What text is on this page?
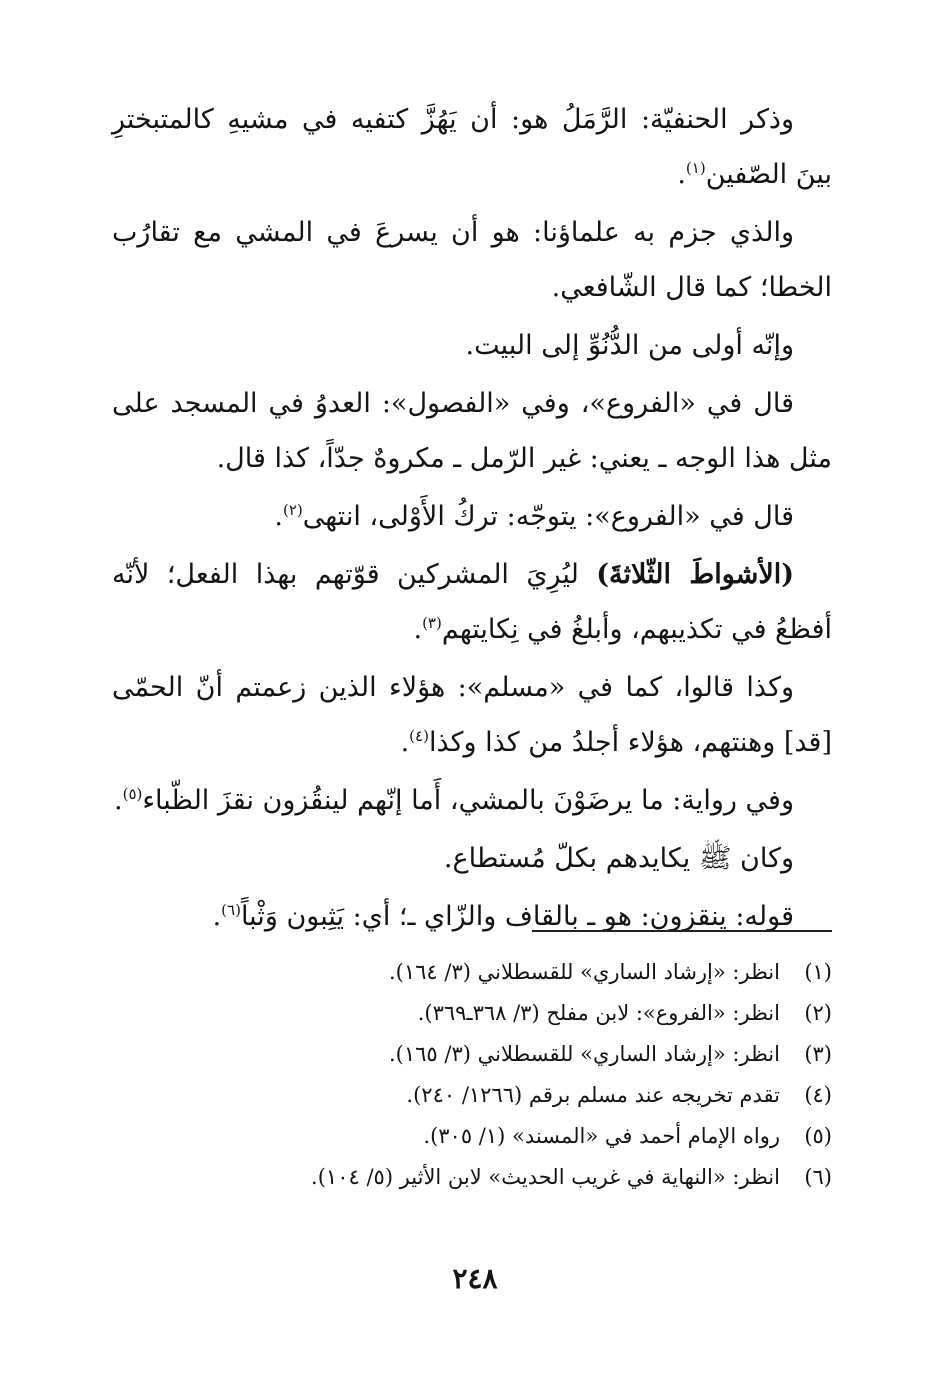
وذكر الحنفيّة: الرَّمَلُ هو: أن يَهُزَّ كتفيه في مشيهِ كالمتبخترِ بينَ الصّفين$^{(١)}$.

والذي جزم به علماؤنا: هو أن يسرعَ في المشي مع تقارُب الخطا؛ كما قال الشّافعي.

وإنّه أولى من الدُّنُوِّ إلى البيت.

قال في «الفروع»، وفي «الفصول»: العدوُ في المسجد على مثل هذا الوجه ـ يعني: غير الرّمل ـ مكروهٌ جدّاً، كذا قال.

قال في «الفروع»: يتوجّه: تركُ الأَوْلى، انتهى$^{(٢)}$.

(الأشواطَ الثّلاثةَ) ليُرِيَ المشركين قوّتهم بهذا الفعل؛ لأنّه أفظعُ في تكذيبهم، وأبلغُ في نِكايتهم$^{(٣)}$.

وكذا قالوا، كما في «مسلم»: هؤلاء الذين زعمتم أنّ الحمّى [قد] وهنتهم، هؤلاء أجلدُ من كذا وكذا$^{(٤)}$.

وفي رواية: ما يرضَوْنَ بالمشي، أَما إنّهم لينقُزون نقزَ الظّباء$^{(٥)}$.

وكان ﷺ يكايدهم بكلّ مُستطاع.

قوله: ينقزون: هو ـ بالقاف والزّاي ـ؛ أي: يَثِبون وَثْباً$^{(٦)}$.

(١)انظر: «إرشاد الساري» للقسطلاني (٣/ ١٦٤).
(٢)انظر: «الفروع»: لابن مفلح (٣/ ٣٦٨ـ٣٦٩).
(٣)انظر: «إرشاد الساري» للقسطلاني (٣/ ١٦٥).
(٤)تقدم تخريجه عند مسلم برقم (١٢٦٦/ ٢٤٠).
(٥)رواه الإمام أحمد في «المسند» (١/ ٣٠٥).
(٦)انظر: «النهاية في غريب الحديث» لابن الأثير (٥/ ١٠٤).
٢٤٨
